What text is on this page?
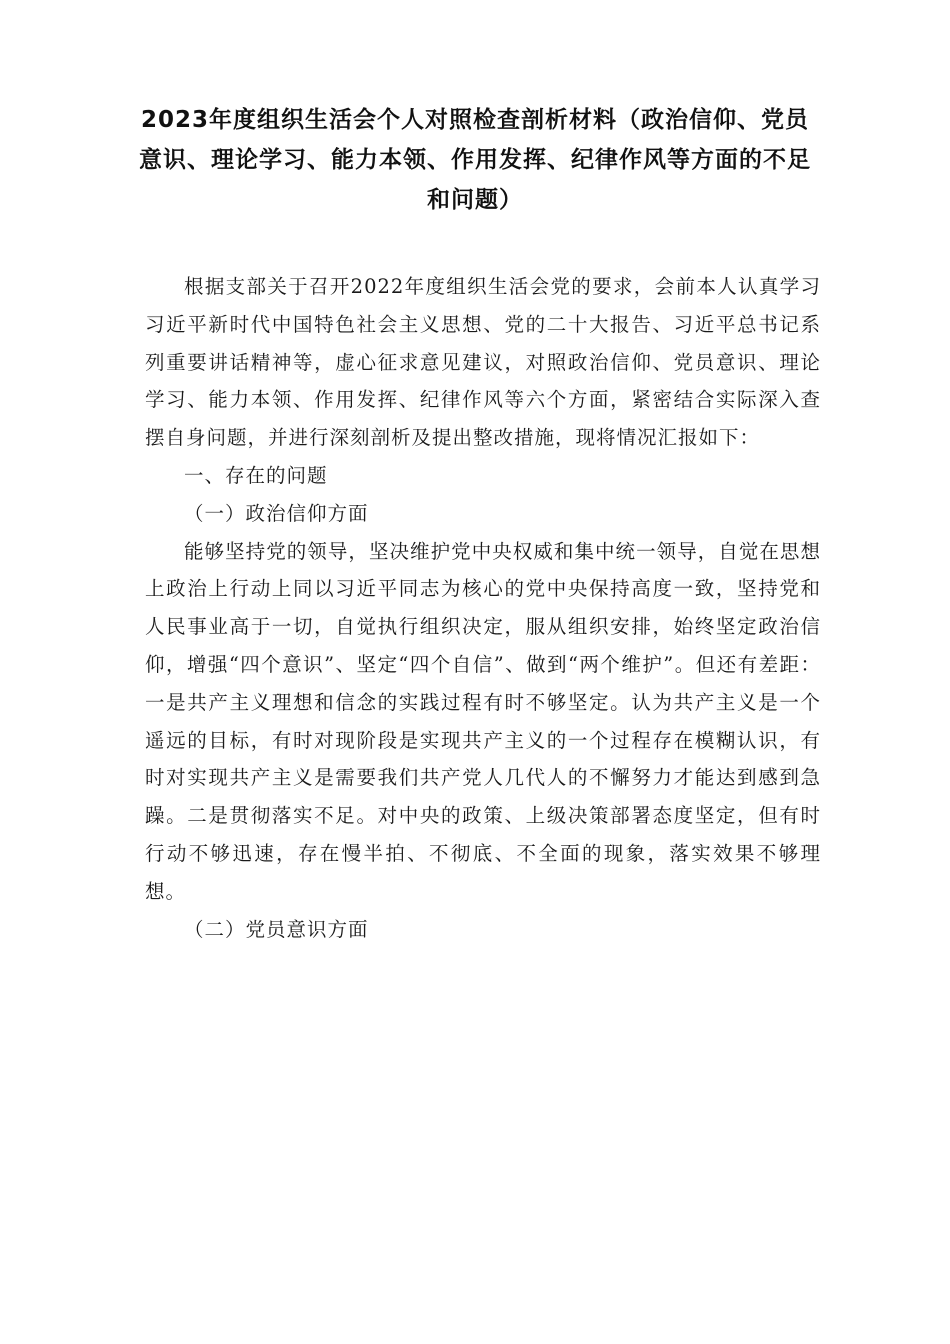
2023年度组织生活会个人对照检查剖析材料（政治信仰、党员意识、理论学习、能力本领、作用发挥、纪律作风等方面的不足和问题）

根据支部关于召开2022年度组织生活会党的要求，会前本人认真学习习近平新时代中国特色社会主义思想、党的二十大报告、习近平总书记系列重要讲话精神等，虚心征求意见建议，对照政治信仰、党员意识、理论学习、能力本领、作用发挥、纪律作风等六个方面，紧密结合实际深入查摆自身问题，并进行深刻剖析及提出整改措施，现将情况汇报如下：

一、存在的问题

（一）政治信仰方面

能够坚持党的领导，坚决维护党中央权威和集中统一领导，自觉在思想上政治上行动上同以习近平同志为核心的党中央保持高度一致，坚持党和人民事业高于一切，自觉执行组织决定，服从组织安排，始终坚定政治信仰，增强“四个意识”、坚定“四个自信”、做到“两个维护”。但还有差距：一是共产主义理想和信念的实践过程有时不够坚定。认为共产主义是一个遥远的目标，有时对现阶段是实现共产主义的一个过程存在模糊认识，有时对实现共产主义是需要我们共产党人几代人的不懈努力才能达到感到急躁。二是贯彻落实不足。对中央的政策、上级决策部署态度坚定，但有时行动不够迅速，存在慢半拍、不彻底、不全面的现象，落实效果不够理想。

（二）党员意识方面
